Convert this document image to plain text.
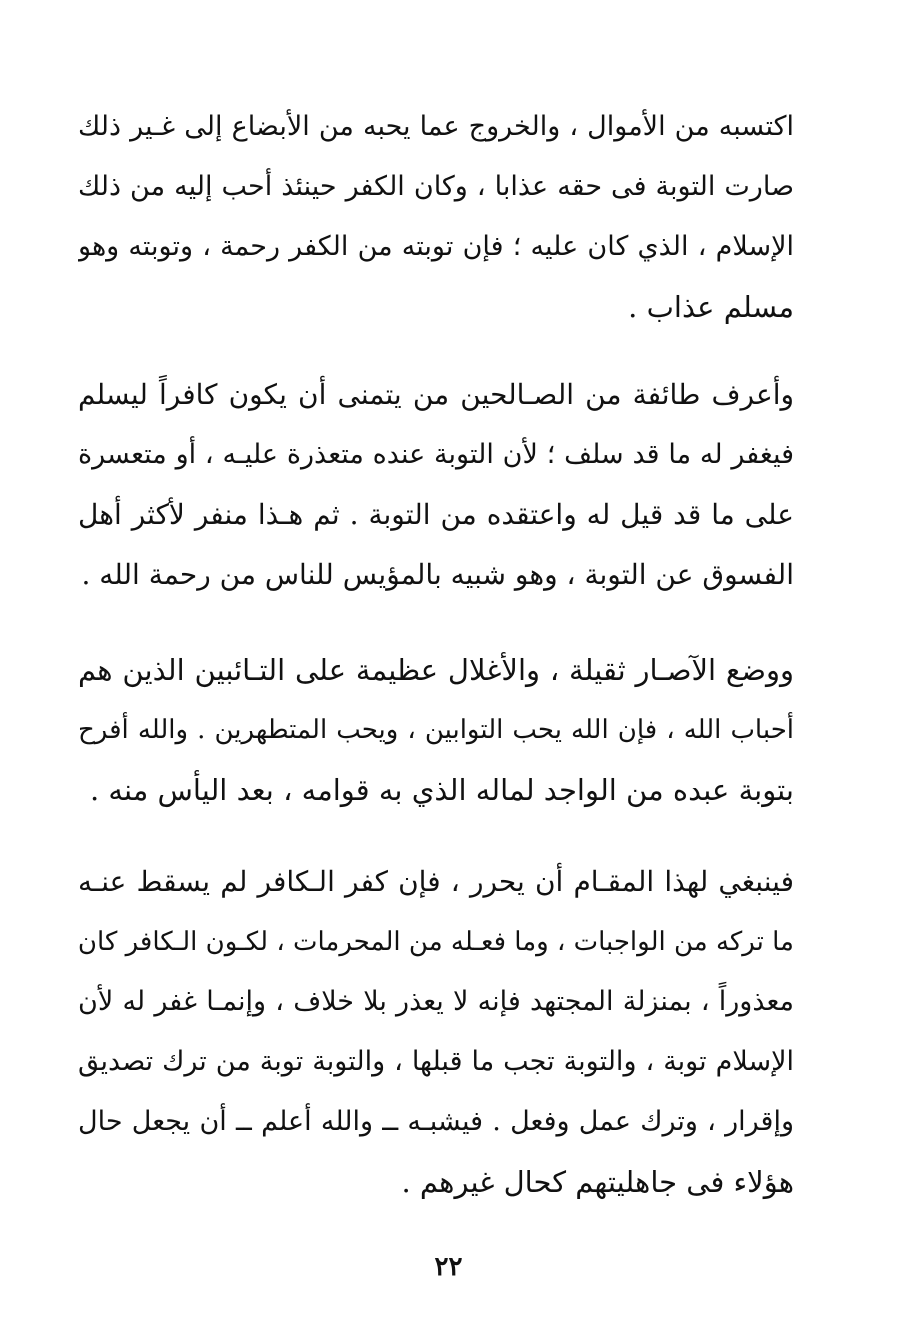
اكتسبه من الأموال ، والخروج عما يحبه من الأبضاع إلى غـير ذلك
صارت التوبة فى حقه عذابا ، وكان الكفر حينئذ أحب إليه من ذلك
الإسلام ، الذي كان عليه ؛ فإن توبته من الكفر رحمة ، وتوبته وهو
مسلم عذاب .
وأعرف طائفة من الصـالحين من يتمنى أن يكون كافراً ليسلم
فيغفر له ما قد سلف ؛ لأن التوبة عنده متعذرة عليـه ، أو متعسرة
على ما قد قيل له واعتقده من التوبة . ثم هـذا منفر لأكثر أهل
الفسوق عن التوبة ، وهو شبيه بالمؤيس للناس من رحمة الله .
ووضع الآصـار ثقيلة ، والأغلال عظيمة على التـائبين الذين هم
أحباب الله ، فإن الله يحب التوابين ، ويحب المتطهرين . والله أفرح
بتوبة عبده من الواجد لماله الذي به قوامه ، بعد اليأس منه .
فينبغي لهذا المقـام أن يحرر ، فإن كفر الـكافر لم يسقط عنـه
ما تركه من الواجبات ، وما فعـله من المحرمات ، لكـون الـكافر كان
معذوراً ، بمنزلة المجتهد فإنه لا يعذر بلا خلاف ، وإنمـا غفر له لأن
الإسلام توبة ، والتوبة تجب ما قبلها ، والتوبة توبة من ترك تصديق
وإقرار ، وترك عمل وفعل . فيشبـه ــ والله أعلم ــ أن يجعل حال
هؤلاء فى جاهليتهم كحال غيرهم .
٢٢
